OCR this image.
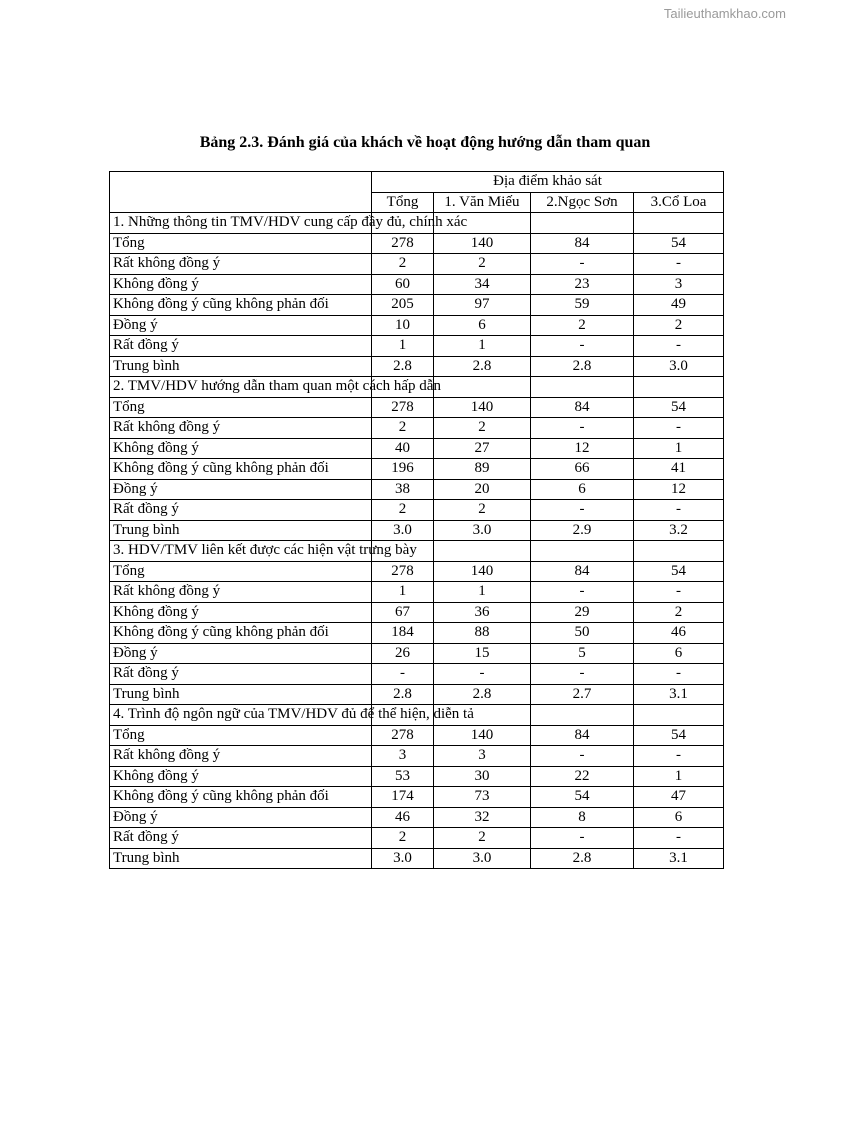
Tailieuthamkhao.com
Bảng 2.3. Đánh giá của khách về hoạt động hướng dẫn tham quan
	Địa điểm khảo sát			
	Tổng	1. Văn Miếu	2.Ngọc Sơn	3.Cổ Loa
1. Những thông tin TMV/HDV cung cấp đầy đủ, chính xác				
Tổng	278	140	84	54
Rất không đồng ý	2	2	-	-
Không đồng ý	60	34	23	3
Không đồng ý cũng không phản đối	205	97	59	49
Đồng ý	10	6	2	2
Rất đồng ý	1	1	-	-
Trung bình	2.8	2.8	2.8	3.0
2. TMV/HDV hướng dẫn tham quan một cách hấp dẫn				
Tổng	278	140	84	54
Rất không đồng ý	2	2	-	-
Không đồng ý	40	27	12	1
Không đồng ý cũng không phản đối	196	89	66	41
Đồng ý	38	20	6	12
Rất đồng ý	2	2	-	-
Trung bình	3.0	3.0	2.9	3.2
3. HDV/TMV liên kết được các hiện vật trưng bày				
Tổng	278	140	84	54
Rất không đồng ý	1	1	-	-
Không đồng ý	67	36	29	2
Không đồng ý cũng không phản đối	184	88	50	46
Đồng ý	26	15	5	6
Rất đồng ý	-	-	-	-
Trung bình	2.8	2.8	2.7	3.1
4. Trình độ ngôn ngữ của TMV/HDV đủ để thể hiện, diễn tả				
Tổng	278	140	84	54
Rất không đồng ý	3	3	-	-
Không đồng ý	53	30	22	1
Không đồng ý cũng không phản đối	174	73	54	47
Đồng ý	46	32	8	6
Rất đồng ý	2	2	-	-
Trung bình	3.0	3.0	2.8	3.1
